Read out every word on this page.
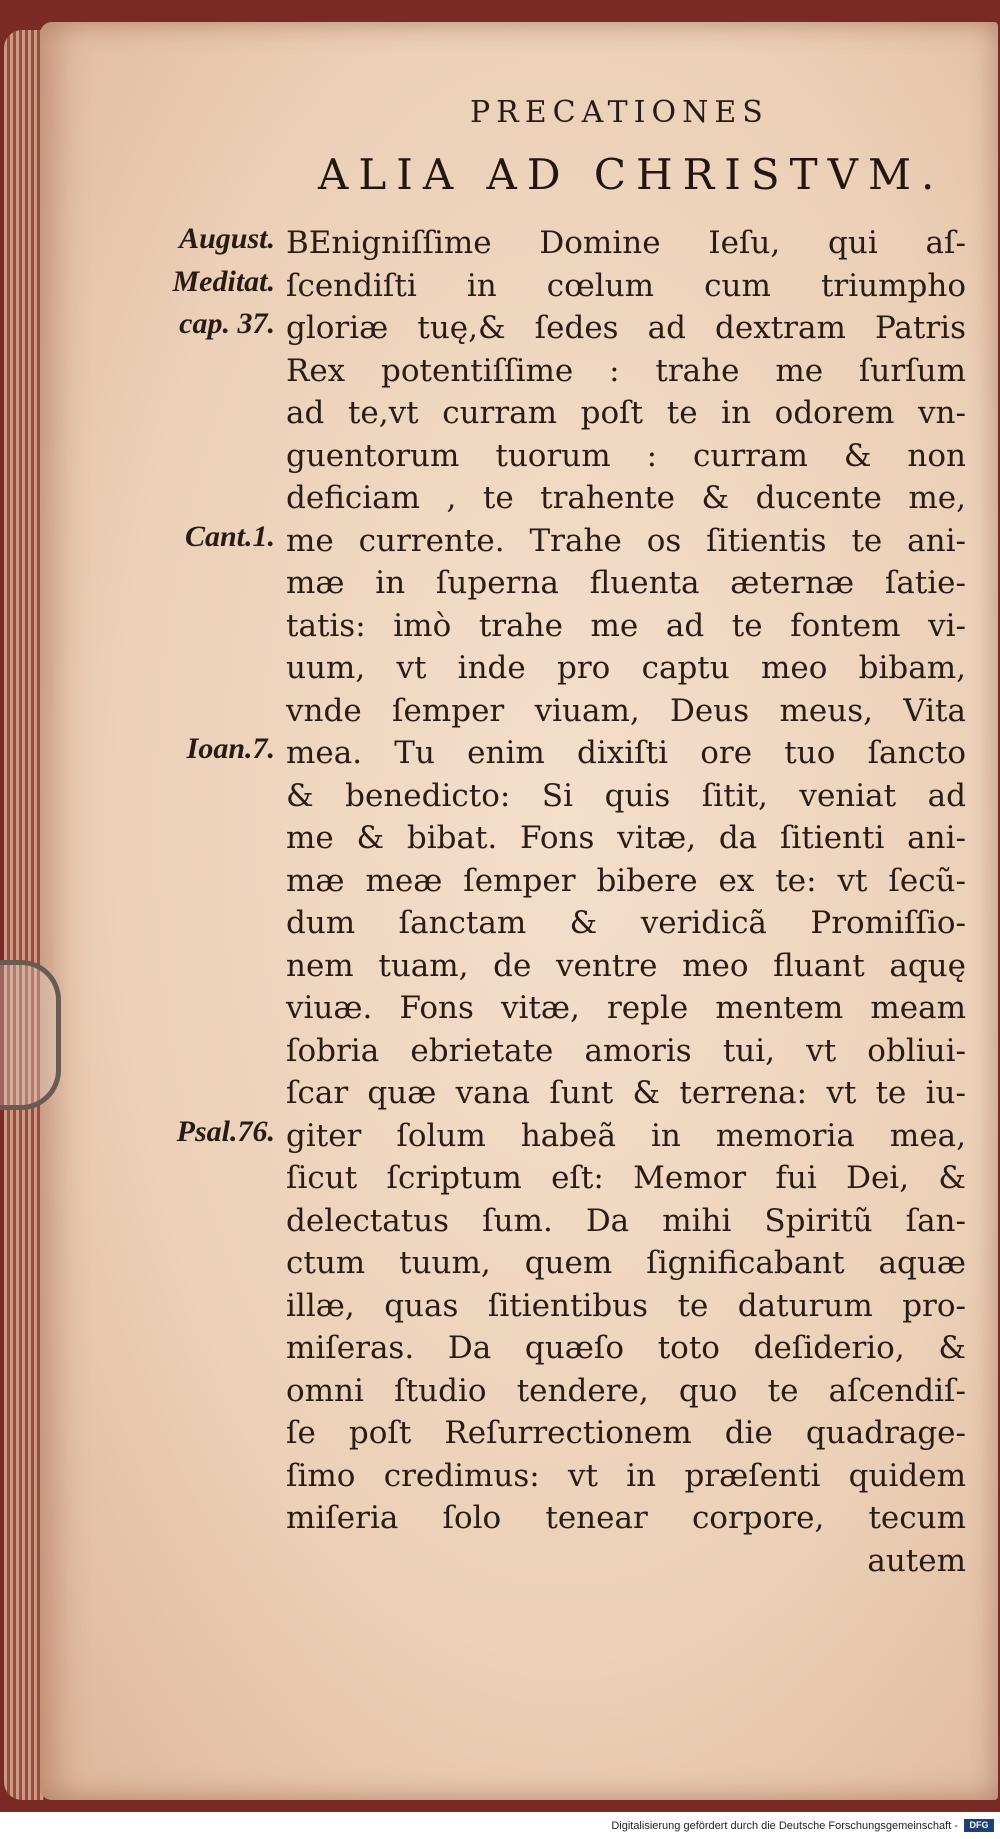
PRECATIONES
ALIA AD CHRISTVM.
August.
Meditat.
cap. 37.
Cant.1.
Ioan.7.
Psal.76.
BEnigniſſime Domine Ieſu, qui aſ-
ſcendiſti in cœlum cum triumpho
gloriæ tuę,& ſedes ad dextram Patris
Rex potentiſſime : trahe me ſurſum
ad te,vt curram poſt te in odorem vn-
guentorum tuorum : curram & non
deficiam , te trahente & ducente me,
me currente. Trahe os ſitientis te ani-
mæ in ſuperna fluenta æternæ ſatie-
tatis: imò trahe me ad te fontem vi-
uum, vt inde pro captu meo bibam,
vnde ſemper viuam, Deus meus, Vita
mea. Tu enim dixiſti ore tuo ſancto
& benedicto: Si quis ſitit, veniat ad
me & bibat. Fons vitæ, da ſitienti ani-
mæ meæ ſemper bibere ex te: vt ſecũ-
dum ſanctam & veridicã Promiſſio-
nem tuam, de ventre meo fluant aquę
viuæ. Fons vitæ, reple mentem meam
ſobria ebrietate amoris tui, vt obliui-
ſcar quæ vana ſunt & terrena: vt te iu-
giter ſolum habeã in memoria mea,
ſicut ſcriptum eſt: Memor fui Dei, &
delectatus ſum. Da mihi Spiritũ ſan-
ctum tuum, quem ſignificabant aquæ
illæ, quas ſitientibus te daturum pro-
miſeras. Da quæſo toto deſiderio, &
omni ſtudio tendere, quo te aſcendiſ-
ſe poſt Reſurrectionem die quadrage-
ſimo credimus: vt in præſenti quidem
miſeria ſolo tenear corpore, tecum
autem
Digitalisierung gefördert durch die Deutsche Forschungsgemeinschaft -	DFG
